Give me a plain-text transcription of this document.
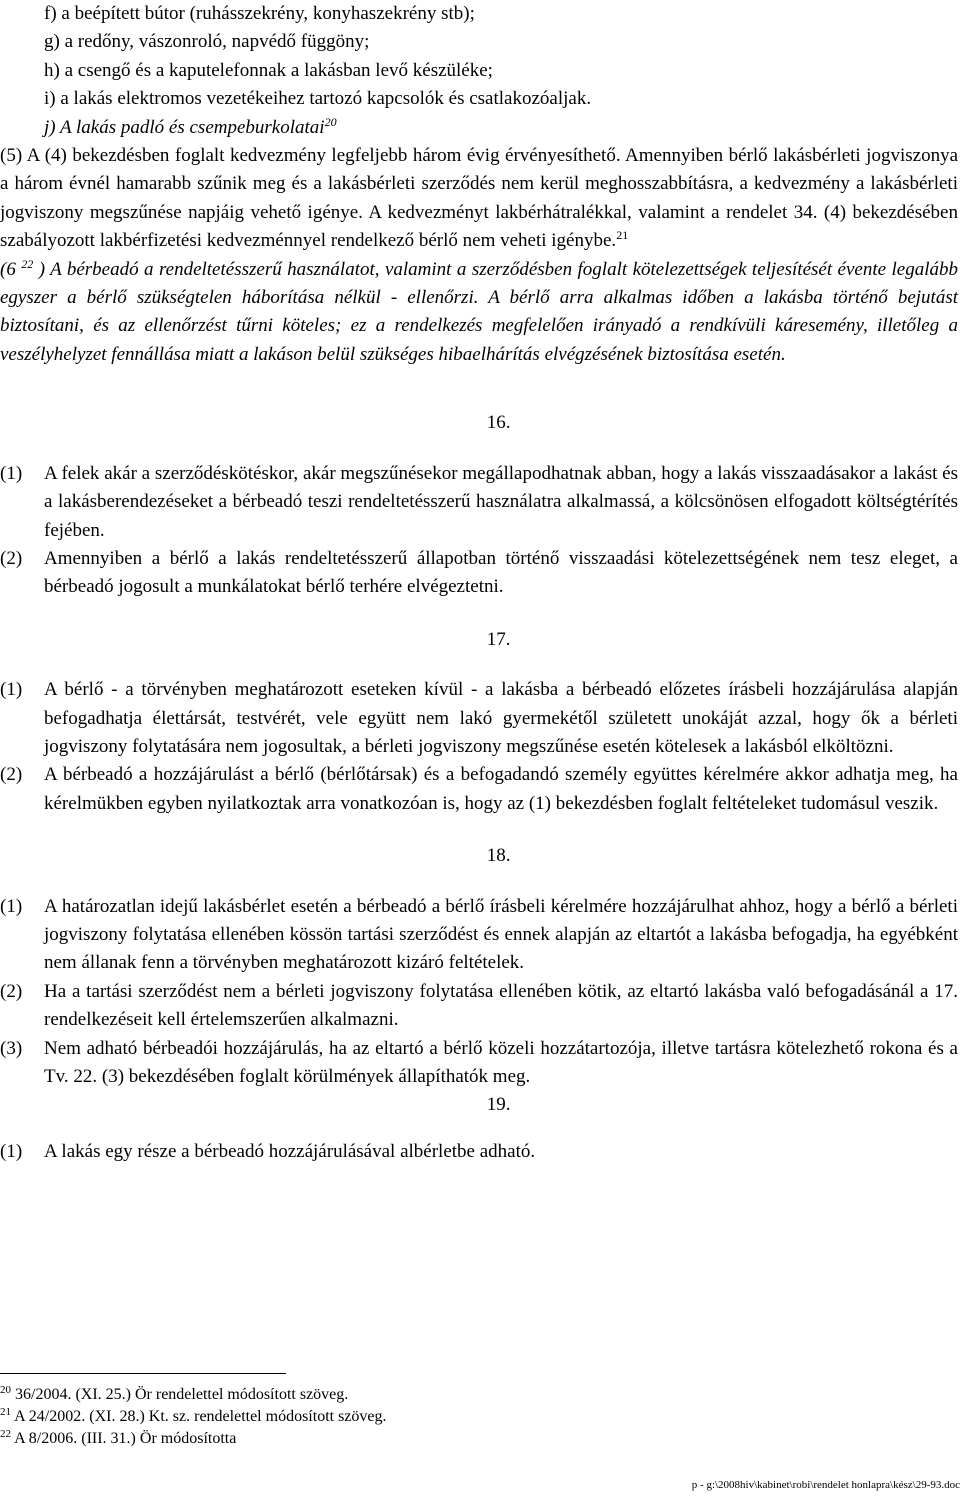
f) a beépített bútor (ruhásszekrény, konyhaszekrény stb);

g) a redőny, vászonroló, napvédő függöny;

h) a csengő és a kaputelefonnak a lakásban levő készüléke;

i) a lakás elektromos vezetékeihez tartozó kapcsolók és csatlakozóaljak.

j) A lakás padló és csempeburkolatai$^{20}$

(5) A (4) bekezdésben foglalt kedvezmény legfeljebb három évig érvényesíthető. Amennyiben bérlő lakásbérleti jogviszonya a három évnél hamarabb szűnik meg és a lakásbérleti szerződés nem kerül meghosszabbításra, a kedvezmény a lakásbérleti jogviszony megszűnése napjáig vehető igénye. A kedvezményt lakbérhátralékkal, valamint a rendelet 34. (4) bekezdésében szabályozott lakbérfizetési kedvezménnyel rendelkező bérlő nem veheti igénybe.$^{21}$
(6 $^{22}$ ) A bérbeadó a rendeltetésszerű használatot, valamint a szerződésben foglalt kötelezettségek teljesítését évente legalább egyszer a bérlő szükségtelen háborítása nélkül - ellenőrzi. A bérlő arra alkalmas időben a lakásba történő bejutást biztosítani, és az ellenőrzést tűrni köteles; ez a rendelkezés megfelelően irányadó a rendkívüli káresemény, illetőleg a veszélyhelyzet fennállása miatt a lakáson belül szükséges hibaelhárítás elvégzésének biztosítása esetén.

16.

(1)	A felek akár a szerződéskötéskor, akár megszűnésekor megállapodhatnak abban, hogy a lakás visszaadásakor a lakást és a lakásberendezéseket a bérbeadó teszi rendeltetésszerű használatra alkalmassá, a kölcsönösen elfogadott költségtérítés fejében.
(2)	Amennyiben a bérlő a lakás rendeltetésszerű állapotban történő visszaadási kötelezettségének nem tesz eleget, a bérbeadó jogosult a munkálatokat bérlő terhére elvégeztetni.

17.

(1)	A bérlő - a törvényben meghatározott eseteken kívül - a lakásba a bérbeadó előzetes írásbeli hozzájárulása alapján befogadhatja élettársát, testvérét, vele együtt nem lakó gyermekétől született unokáját azzal, hogy ők a bérleti jogviszony folytatására nem jogosultak, a bérleti jogviszony megszűnése esetén kötelesek a lakásból elköltözni.
(2)	A bérbeadó a hozzájárulást a bérlő (bérlőtársak) és a befogadandó személy együttes kérelmére akkor adhatja meg, ha kérelmükben egyben nyilatkoztak arra vonatkozóan is, hogy az (1) bekezdésben foglalt feltételeket tudomásul veszik.

18.

(1)	A határozatlan idejű lakásbérlet esetén a bérbeadó a bérlő írásbeli kérelmére hozzájárulhat ahhoz, hogy a bérlő a bérleti jogviszony folytatása ellenében kössön tartási szerződést és ennek alapján az eltartót a lakásba befogadja, ha egyébként nem állanak fenn a törvényben meghatározott kizáró feltételek.
(2)	Ha a tartási szerződést nem a bérleti jogviszony folytatása ellenében kötik, az eltartó lakásba való befogadásánál a 17. rendelkezéseit kell értelemszerűen alkalmazni.
(3)	Nem adható bérbeadói hozzájárulás, ha az eltartó a bérlő közeli hozzátartozója, illetve tartásra kötelezhető rokona és a Tv. 22. (3) bekezdésében foglalt körülmények állapíthatók meg.

19.

(1)	A lakás egy része a bérbeadó hozzájárulásával albérletbe adható.

$^{20}$ 36/2004. (XI. 25.) Ör rendelettel módosított szöveg.

$^{21}$ A 24/2002. (XI. 28.) Kt. sz. rendelettel módosított szöveg.

$^{22}$ A 8/2006. (III. 31.) Ör módosította

p - g:\2008hiv\kabinet\robi\rendelet honlapra\kész\29-93.doc
